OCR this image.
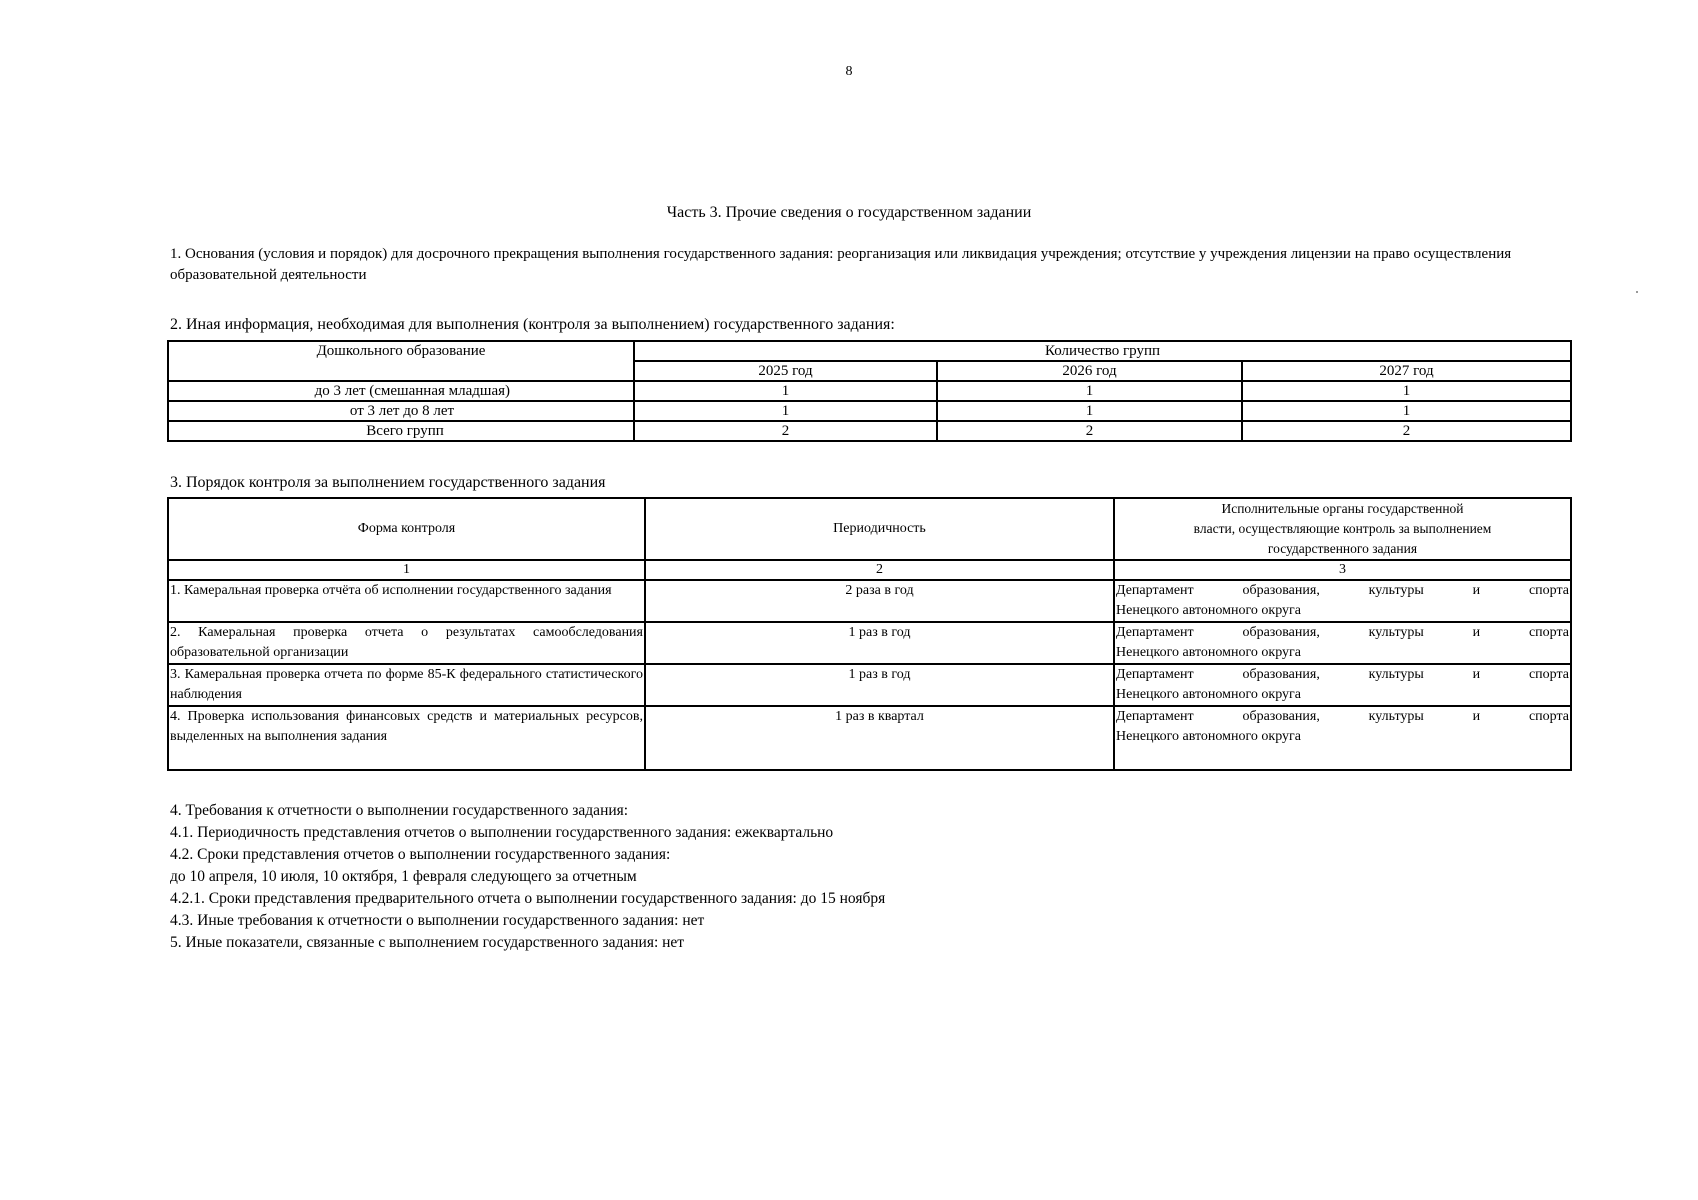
8
Часть 3. Прочие сведения о государственном задании
1. Основания (условия и порядок) для досрочного прекращения выполнения государственного задания: реорганизация или ликвидация учреждения; отсутствие у учреждения лицензии на право осуществления образовательной деятельности
2. Иная информация, необходимая для выполнения (контроля за выполнением) государственного задания:
Дошкольного образование	Количество групп		
	2025 год	2026 год	2027 год
до 3 лет (смешанная младшая)	1	1	1
от 3 лет до 8 лет	1	1	1
Всего групп	2	2	2
3. Порядок контроля за выполнением государственного задания
Форма контроля	Периодичность	Исполнительные органы государственной
власти, осуществляющие контроль за выполнением
государственного задания

1	2	3
1. Камеральная проверка отчёта об исполнении государственного задания	2 раза в год	Департамент образования, культуры и спорта
Ненецкого автономного округа
2. Камеральная проверка отчета о результатах самообследования образовательной организации	1 раз в год	Департамент образования, культуры и спорта
Ненецкого автономного округа
3. Камеральная проверка отчета по форме 85-К федерального статистического наблюдения	1 раз в год	Департамент образования, культуры и спорта
Ненецкого автономного округа
4. Проверка использования финансовых средств и материальных ресурсов, выделенных на выполнения задания	1 раз в квартал	Департамент образования, культуры и спорта
Ненецкого автономного округа
4. Требования к отчетности о выполнении государственного задания:
4.1. Периодичность представления отчетов о выполнении государственного задания: ежеквартально
4.2. Сроки представления отчетов о выполнении государственного задания:
до 10 апреля, 10 июля, 10 октября, 1 февраля следующего за отчетным
4.2.1. Сроки представления предварительного отчета о выполнении государственного задания: до 15 ноября
4.3. Иные требования к отчетности о выполнении государственного задания: нет
5. Иные показатели, связанные с выполнением государственного задания: нет
